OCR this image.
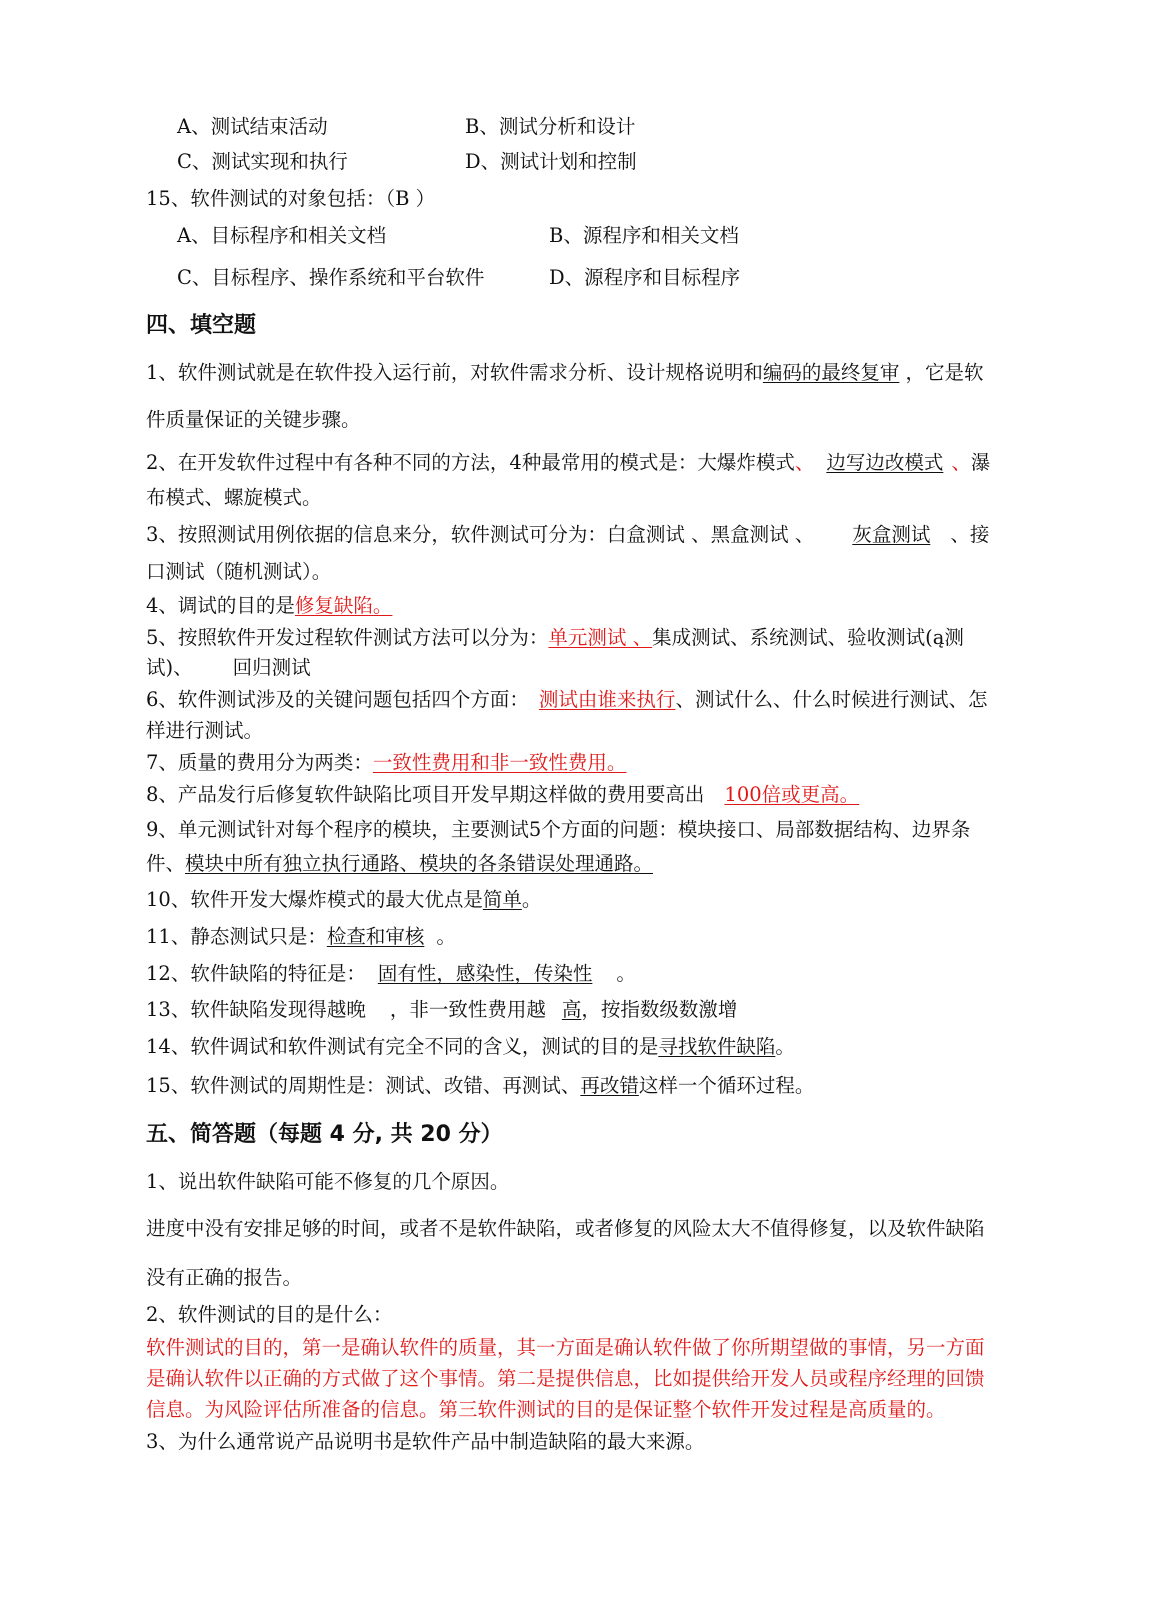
A、测试结束活动	B、测试分析和设计
C、测试实现和执行	D、测试计划和控制
15、软件测试的对象包括：（B ）
A、目标程序和相关文档	B、源程序和相关文档
C、目标程序、操作系统和平台软件	D、源程序和目标程序
四、填空题
1、软件测试就是在软件投入运行前，对软件需求分析、设计规格说明和编码的最终复审 ，它是软
件质量保证的关键步骤。
2、在开发软件过程中有各种不同的方法，4种最常用的模式是：大爆炸模式、 边写边改模式 、瀑
布模式、螺旋模式。
3、按照测试用例依据的信息来分，软件测试可分为：白盒测试 、黑盒测试 、 灰盒测试 、接
口测试（随机测试）。
4、调试的目的是修复缺陷。
5、按照软件开发过程软件测试方法可以分为：单元测试 、集成测试、系统测试、验收测试(ą测
试)、 回归测试
6、软件测试涉及的关键问题包括四个方面： 测试由谁来执行、测试什么、什么时候进行测试、怎
样进行测试。
7、质量的费用分为两类：一致性费用和非一致性费用。
8、产品发行后修复软件缺陷比项目开发早期这样做的费用要高出 100倍或更高。
9、单元测试针对每个程序的模块，主要测试5个方面的问题：模块接口、局部数据结构、边界条
件、模块中所有独立执行通路、模块的各条错误处理通路。
10、软件开发大爆炸模式的最大优点是简单。
11、静态测试只是：检查和审核 。
12、软件缺陷的特征是： 固有性，感染性，传染性 。
13、软件缺陷发现得越晚 ，非一致性费用越 高，按指数级数激增
14、软件调试和软件测试有完全不同的含义，测试的目的是寻找软件缺陷。
15、软件测试的周期性是：测试、改错、再测试、再改错这样一个循环过程。
五、简答题（每题 4 分, 共 20 分）
1、说出软件缺陷可能不修复的几个原因。
进度中没有安排足够的时间，或者不是软件缺陷，或者修复的风险太大不值得修复，以及软件缺陷
没有正确的报告。
2、软件测试的目的是什么：
软件测试的目的，第一是确认软件的质量，其一方面是确认软件做了你所期望做的事情，另一方面
是确认软件以正确的方式做了这个事情。第二是提供信息，比如提供给开发人员或程序经理的回馈
信息。为风险评估所准备的信息。第三软件测试的目的是保证整个软件开发过程是高质量的。
3、为什么通常说产品说明书是软件产品中制造缺陷的最大来源。
